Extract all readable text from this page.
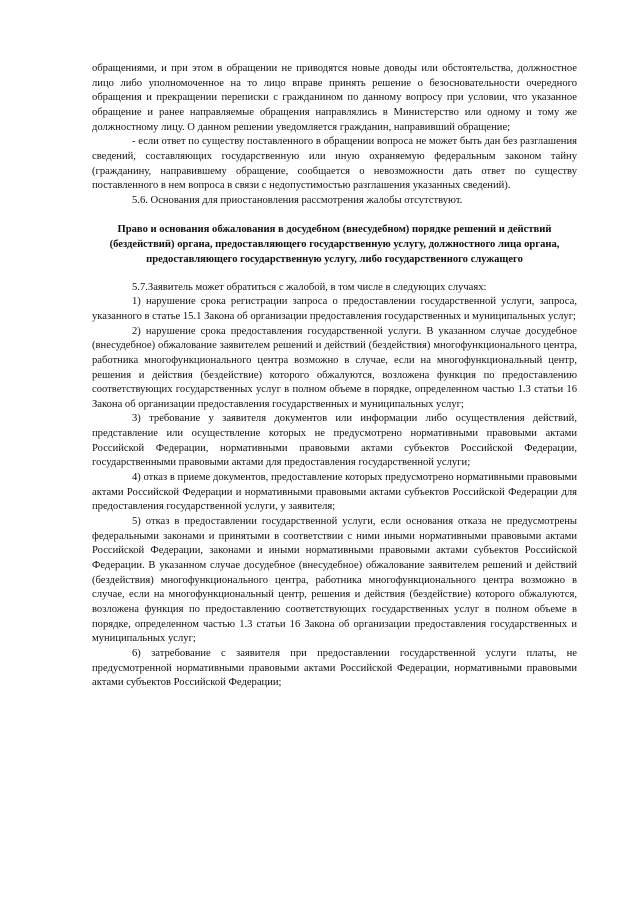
обращениями, и при этом в обращении не приводятся новые доводы или обстоятельства, должностное лицо либо уполномоченное на то лицо вправе принять решение о безосновательности очередного обращения и прекращении переписки с гражданином по данному вопросу при условии, что указанное обращение и ранее направляемые обращения направлялись в Министерство или одному и тому же должностному лицу. О данном решении уведомляется гражданин, направивший обращение;

- если ответ по существу поставленного в обращении вопроса не может быть дан без разглашения сведений, составляющих государственную или иную охраняемую федеральным законом тайну (гражданину, направившему обращение, сообщается о невозможности дать ответ по существу поставленного в нем вопроса в связи с недопустимостью разглашения указанных сведений).

5.6. Основания для приостановления рассмотрения жалобы отсутствуют.

Право и основания обжалования в досудебном (внесудебном) порядке решений и действий (бездействий) органа, предоставляющего государственную услугу, должностного лица органа, предоставляющего государственную услугу, либо государственного служащего

5.7.Заявитель может обратиться с жалобой, в том числе в следующих случаях:

1) нарушение срока регистрации запроса о предоставлении государственной услуги, запроса, указанного в статье 15.1 Закона об организации предоставления государственных и муниципальных услуг;

2) нарушение срока предоставления государственной услуги. В указанном случае досудебное (внесудебное) обжалование заявителем решений и действий (бездействия) многофункционального центра, работника многофункционального центра возможно в случае, если на многофункциональный центр, решения и действия (бездействие) которого обжалуются, возложена функция по предоставлению соответствующих государственных услуг в полном объеме в порядке, определенном частью 1.3 статьи 16 Закона об организации предоставления государственных и муниципальных услуг;

3) требование у заявителя документов или информации либо осуществления действий, представление или осуществление которых не предусмотрено нормативными правовыми актами Российской Федерации, нормативными правовыми актами субъектов Российской Федерации, государственными правовыми актами для предоставления государственной услуги;

4) отказ в приеме документов, предоставление которых предусмотрено нормативными правовыми актами Российской Федерации и нормативными правовыми актами субъектов Российской Федерации для предоставления государственной услуги, у заявителя;

5) отказ в предоставлении государственной услуги, если основания отказа не предусмотрены федеральными законами и принятыми в соответствии с ними иными нормативными правовыми актами Российской Федерации, законами и иными нормативными правовыми актами субъектов Российской Федерации. В указанном случае досудебное (внесудебное) обжалование заявителем решений и действий (бездействия) многофункционального центра, работника многофункционального центра возможно в случае, если на многофункциональный центр, решения и действия (бездействие) которого обжалуются, возложена функция по предоставлению соответствующих государственных услуг в полном объеме в порядке, определенном частью 1.3 статьи 16 Закона об организации предоставления государственных и муниципальных услуг;

6) затребование с заявителя при предоставлении государственной услуги платы, не предусмотренной нормативными правовыми актами Российской Федерации, нормативными правовыми актами субъектов Российской Федерации;
